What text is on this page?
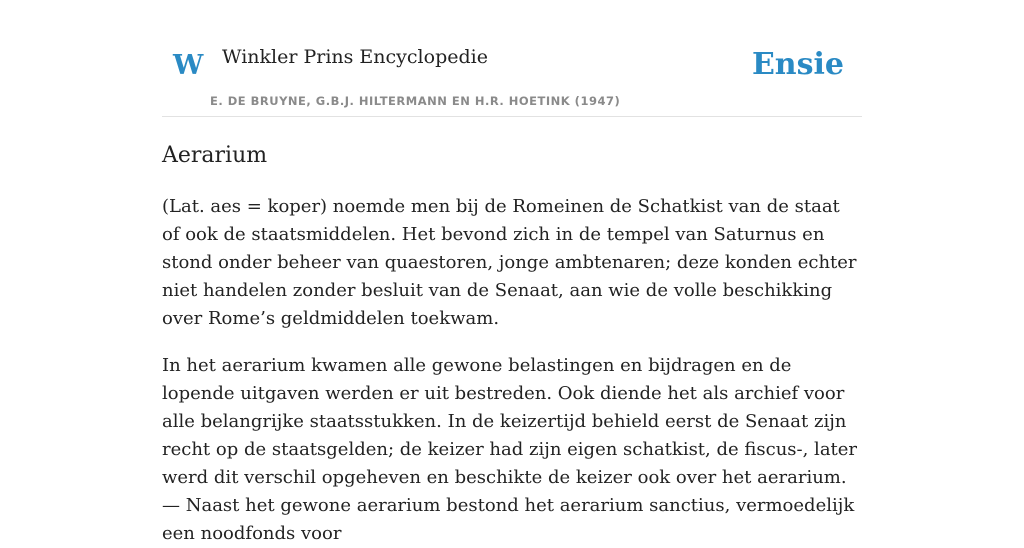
W Winkler Prins Encyclopedie
E. DE BRUYNE, G.B.J. HILTERMANN EN H.R. HOETINK (1947)
Ensie
Aerarium

(Lat. aes = koper) noemde men bij de Romeinen de Schatkist van de staat of ook de staatsmiddelen. Het bevond zich in de tempel van Saturnus en stond onder beheer van quaestoren, jonge ambtenaren; deze konden echter niet handelen zonder besluit van de Senaat, aan wie de volle beschikking over Rome’s geldmiddelen toekwam.

In het aerarium kwamen alle gewone belastingen en bijdragen en de lopende uitgaven werden er uit bestreden. Ook diende het als archief voor alle belangrijke staatsstukken. In de keizertijd behield eerst de Senaat zijn recht op de staatsgelden; de keizer had zijn eigen schatkist, de fiscus-, later werd dit verschil opgeheven en beschikte de keizer ook over het aerarium. — Naast het gewone aerarium bestond het aerarium sanctius, vermoedelijk een noodfonds voor
